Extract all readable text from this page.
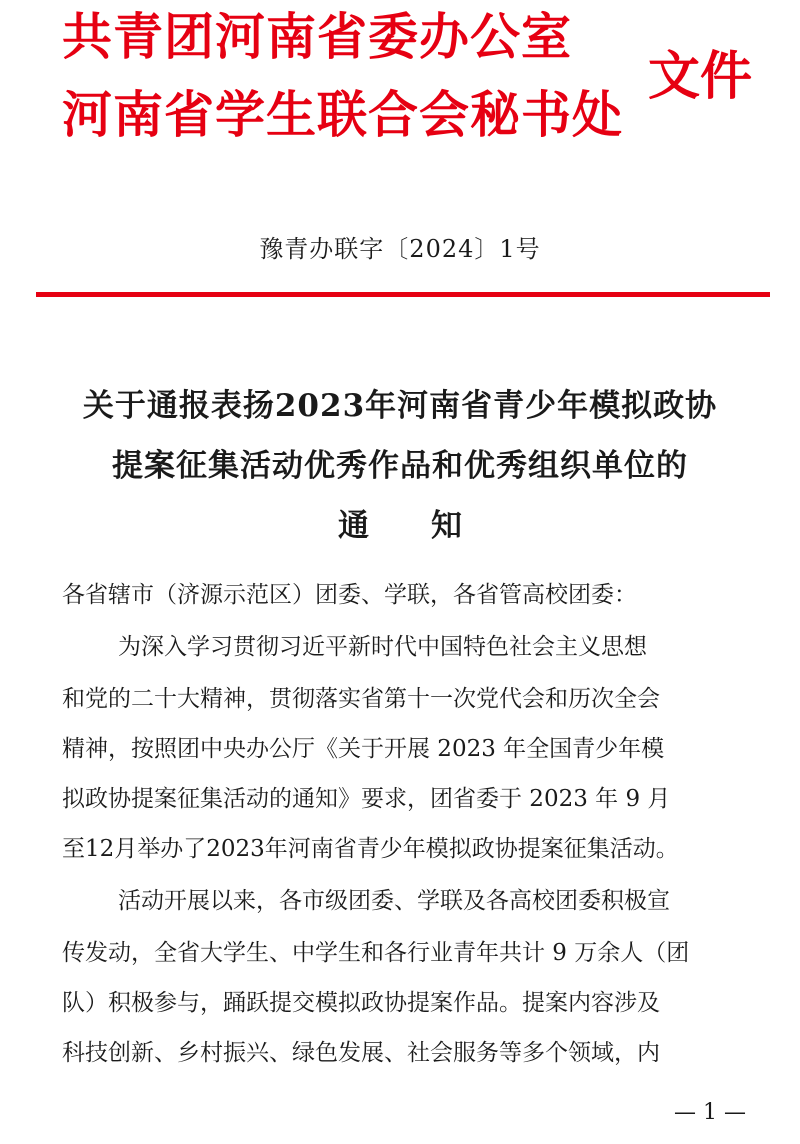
共青团河南省委办公室
河南省学生联合会秘书处
文件
豫青办联字〔2024〕1号
关于通报表扬2023年河南省青少年模拟政协
提案征集活动优秀作品和优秀组织单位的
通知
各省辖市（济源示范区）团委、学联，各省管高校团委：
为深入学习贯彻习近平新时代中国特色社会主义思想
和党的二十大精神，贯彻落实省第十一次党代会和历次全会
精神，按照团中央办公厅《关于开展 2023 年全国青少年模
拟政协提案征集活动的通知》要求，团省委于 2023 年 9 月
至12月举办了2023年河南省青少年模拟政协提案征集活动。
活动开展以来，各市级团委、学联及各高校团委积极宣
传发动，全省大学生、中学生和各行业青年共计 9 万余人（团
队）积极参与，踊跃提交模拟政协提案作品。提案内容涉及
科技创新、乡村振兴、绿色发展、社会服务等多个领域，内
— 1 —
